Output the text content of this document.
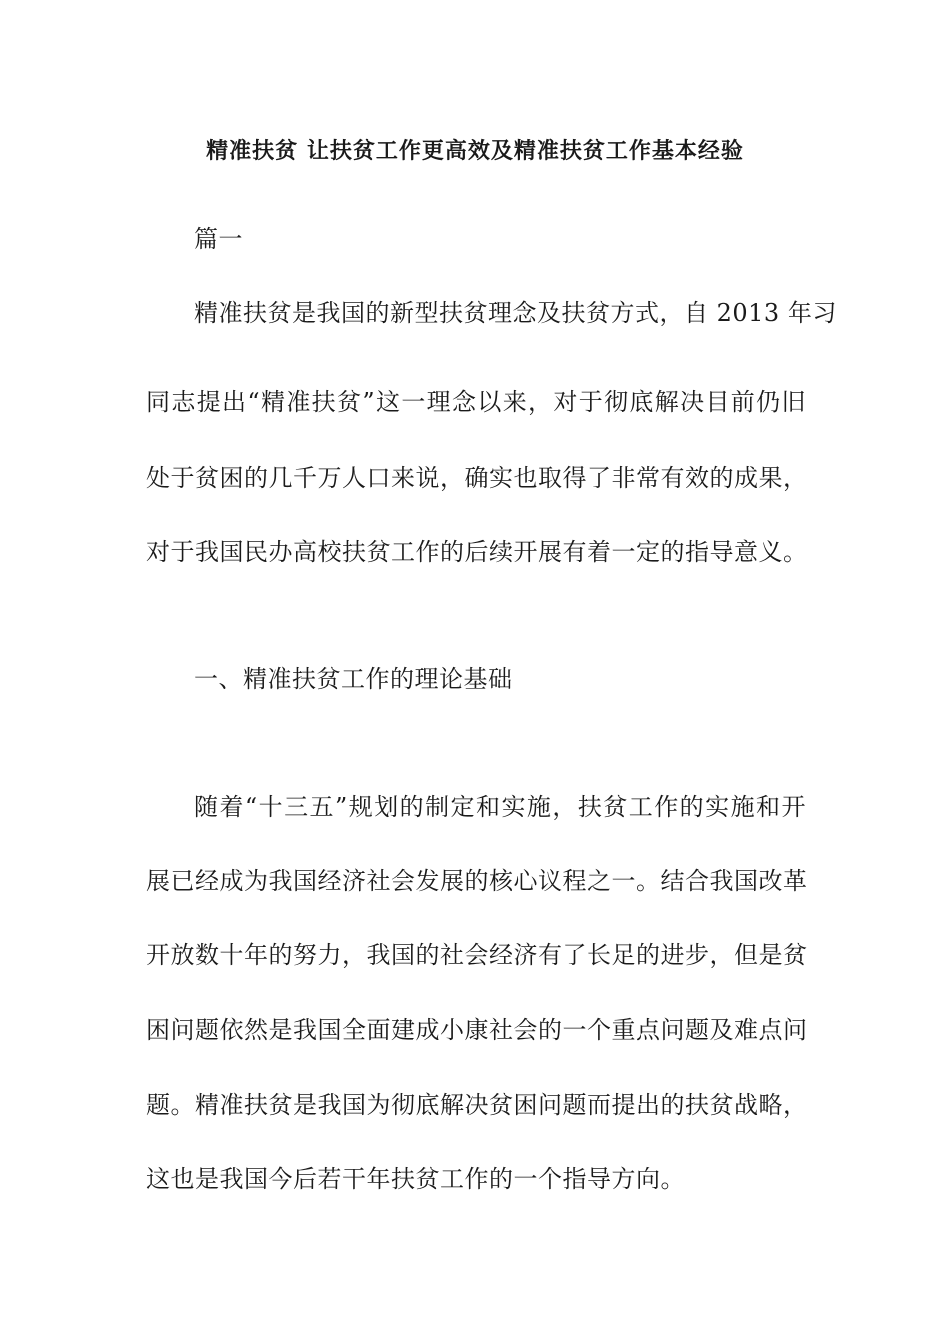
精准扶贫 让扶贫工作更高效及精准扶贫工作基本经验
篇一
精准扶贫是我国的新型扶贫理念及扶贫方式，自 2013 年习
同志提出“精准扶贫”这一理念以来，对于彻底解决目前仍旧
处于贫困的几千万人口来说，确实也取得了非常有效的成果，
对于我国民办高校扶贫工作的后续开展有着一定的指导意义。
一、精准扶贫工作的理论基础
随着“十三五”规划的制定和实施，扶贫工作的实施和开
展已经成为我国经济社会发展的核心议程之一。结合我国改革
开放数十年的努力，我国的社会经济有了长足的进步，但是贫
困问题依然是我国全面建成小康社会的一个重点问题及难点问
题。精准扶贫是我国为彻底解决贫困问题而提出的扶贫战略，
这也是我国今后若干年扶贫工作的一个指导方向。
